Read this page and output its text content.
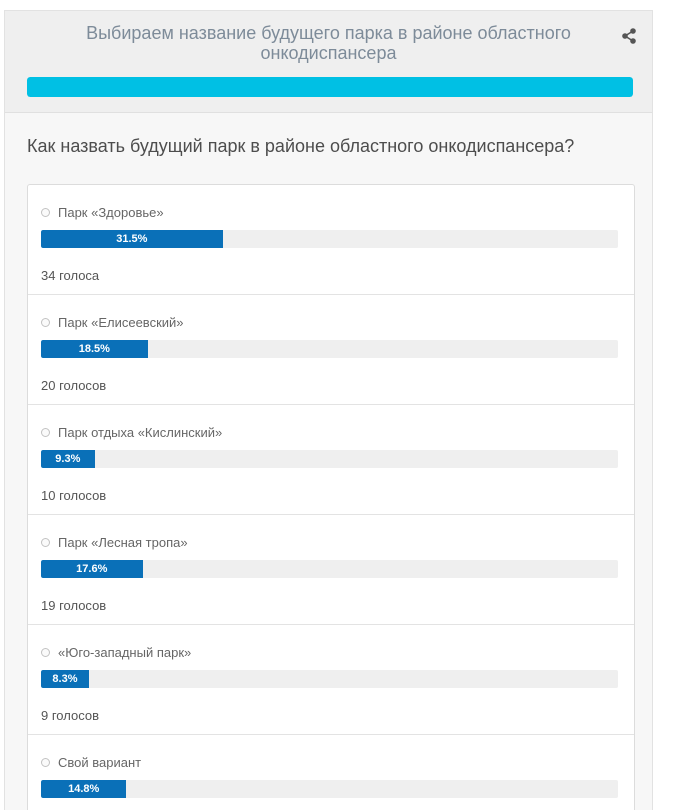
Выбираем название будущего парка в районе областного онкодиспансера
Как назвать будущий парк в районе областного онкодиспансера?
Парк «Здоровье»
31.5%
34 голоса
Парк «Елисеевский»
18.5%
20 голосов
Парк отдыха «Кислинский»
9.3%
10 голосов
Парк «Лесная тропа»
17.6%
19 голосов
«Юго-западный парк»
8.3%
9 голосов
Свой вариант
14.8%
